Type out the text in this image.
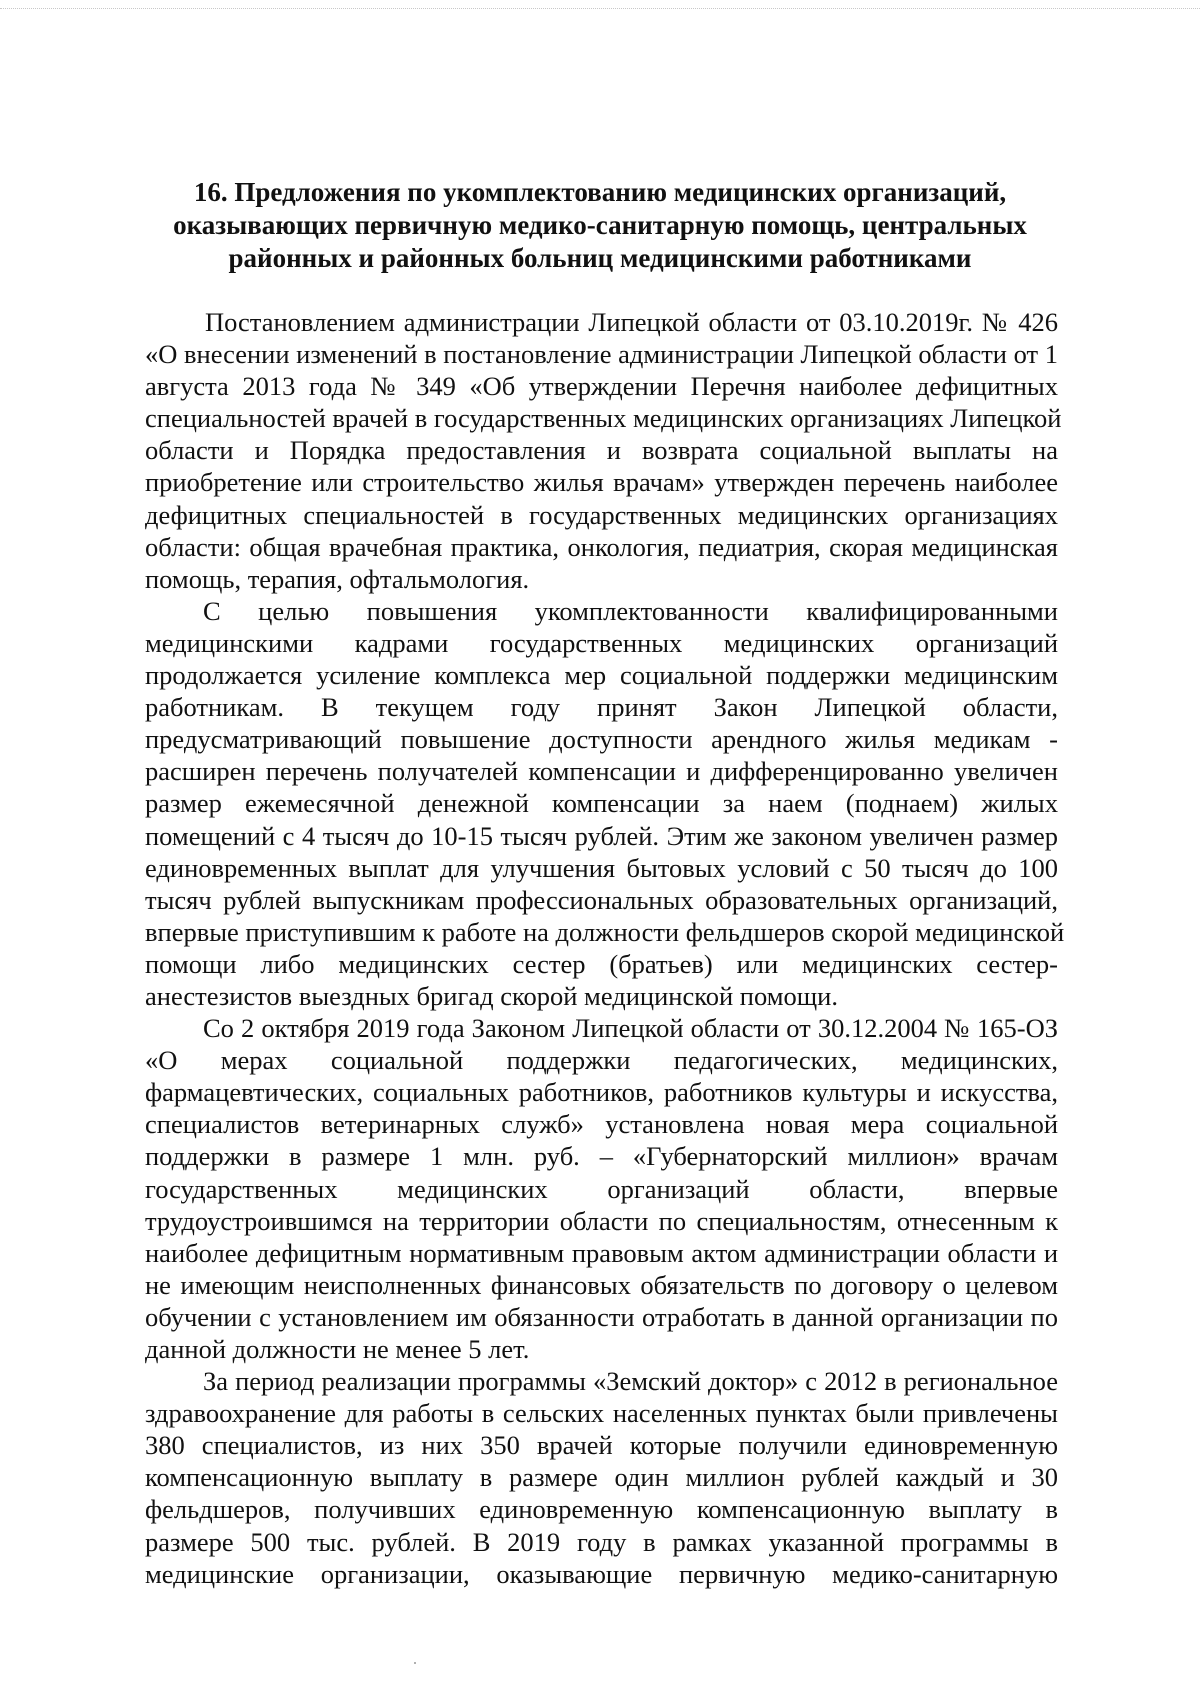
16. Предложения по укомплектованию медицинских организаций,
оказывающих первичную медико-санитарную помощь, центральных
районных и районных больниц медицинскими работниками
Постановлением администрации Липецкой области от 03.10.2019г. № 426
«О внесении изменений в постановление администрации Липецкой области от 1
августа 2013 года № 349 «Об утверждении Перечня наиболее дефицитных
специальностей врачей в государственных медицинских организациях Липецкой
области и Порядка предоставления и возврата социальной выплаты на
приобретение или строительство жилья врачам» утвержден перечень наиболее
дефицитных специальностей в государственных медицинских организациях
области: общая врачебная практика, онкология, педиатрия, скорая медицинская
помощь, терапия, офтальмология.
С целью повышения укомплектованности квалифицированными
медицинскими кадрами государственных медицинских организаций
продолжается усиление комплекса мер социальной поддержки медицинским
работникам. В текущем году принят Закон Липецкой области,
предусматривающий повышение доступности арендного жилья медикам -
расширен перечень получателей компенсации и дифференцированно увеличен
размер ежемесячной денежной компенсации за наем (поднаем) жилых
помещений с 4 тысяч до 10-15 тысяч рублей. Этим же законом увеличен размер
единовременных выплат для улучшения бытовых условий с 50 тысяч до 100
тысяч рублей выпускникам профессиональных образовательных организаций,
впервые приступившим к работе на должности фельдшеров скорой медицинской
помощи либо медицинских сестер (братьев) или медицинских сестер-
анестезистов выездных бригад скорой медицинской помощи.
Со 2 октября 2019 года Законом Липецкой области от 30.12.2004 № 165-ОЗ
«О мерах социальной поддержки педагогических, медицинских,
фармацевтических, социальных работников, работников культуры и искусства,
специалистов ветеринарных служб» установлена новая мера социальной
поддержки в размере 1 млн. руб. – «Губернаторский миллион» врачам
государственных медицинских организаций области, впервые
трудоустроившимся на территории области по специальностям, отнесенным к
наиболее дефицитным нормативным правовым актом администрации области и
не имеющим неисполненных финансовых обязательств по договору о целевом
обучении с установлением им обязанности отработать в данной организации по
данной должности не менее 5 лет.
За период реализации программы «Земский доктор» с 2012 в региональное
здравоохранение для работы в сельских населенных пунктах были привлечены
380 специалистов, из них 350 врачей которые получили единовременную
компенсационную выплату в размере один миллион рублей каждый и 30
фельдшеров, получивших единовременную компенсационную выплату в
размере 500 тыс. рублей. В 2019 году в рамках указанной программы в
медицинские организации, оказывающие первичную медико-санитарную
